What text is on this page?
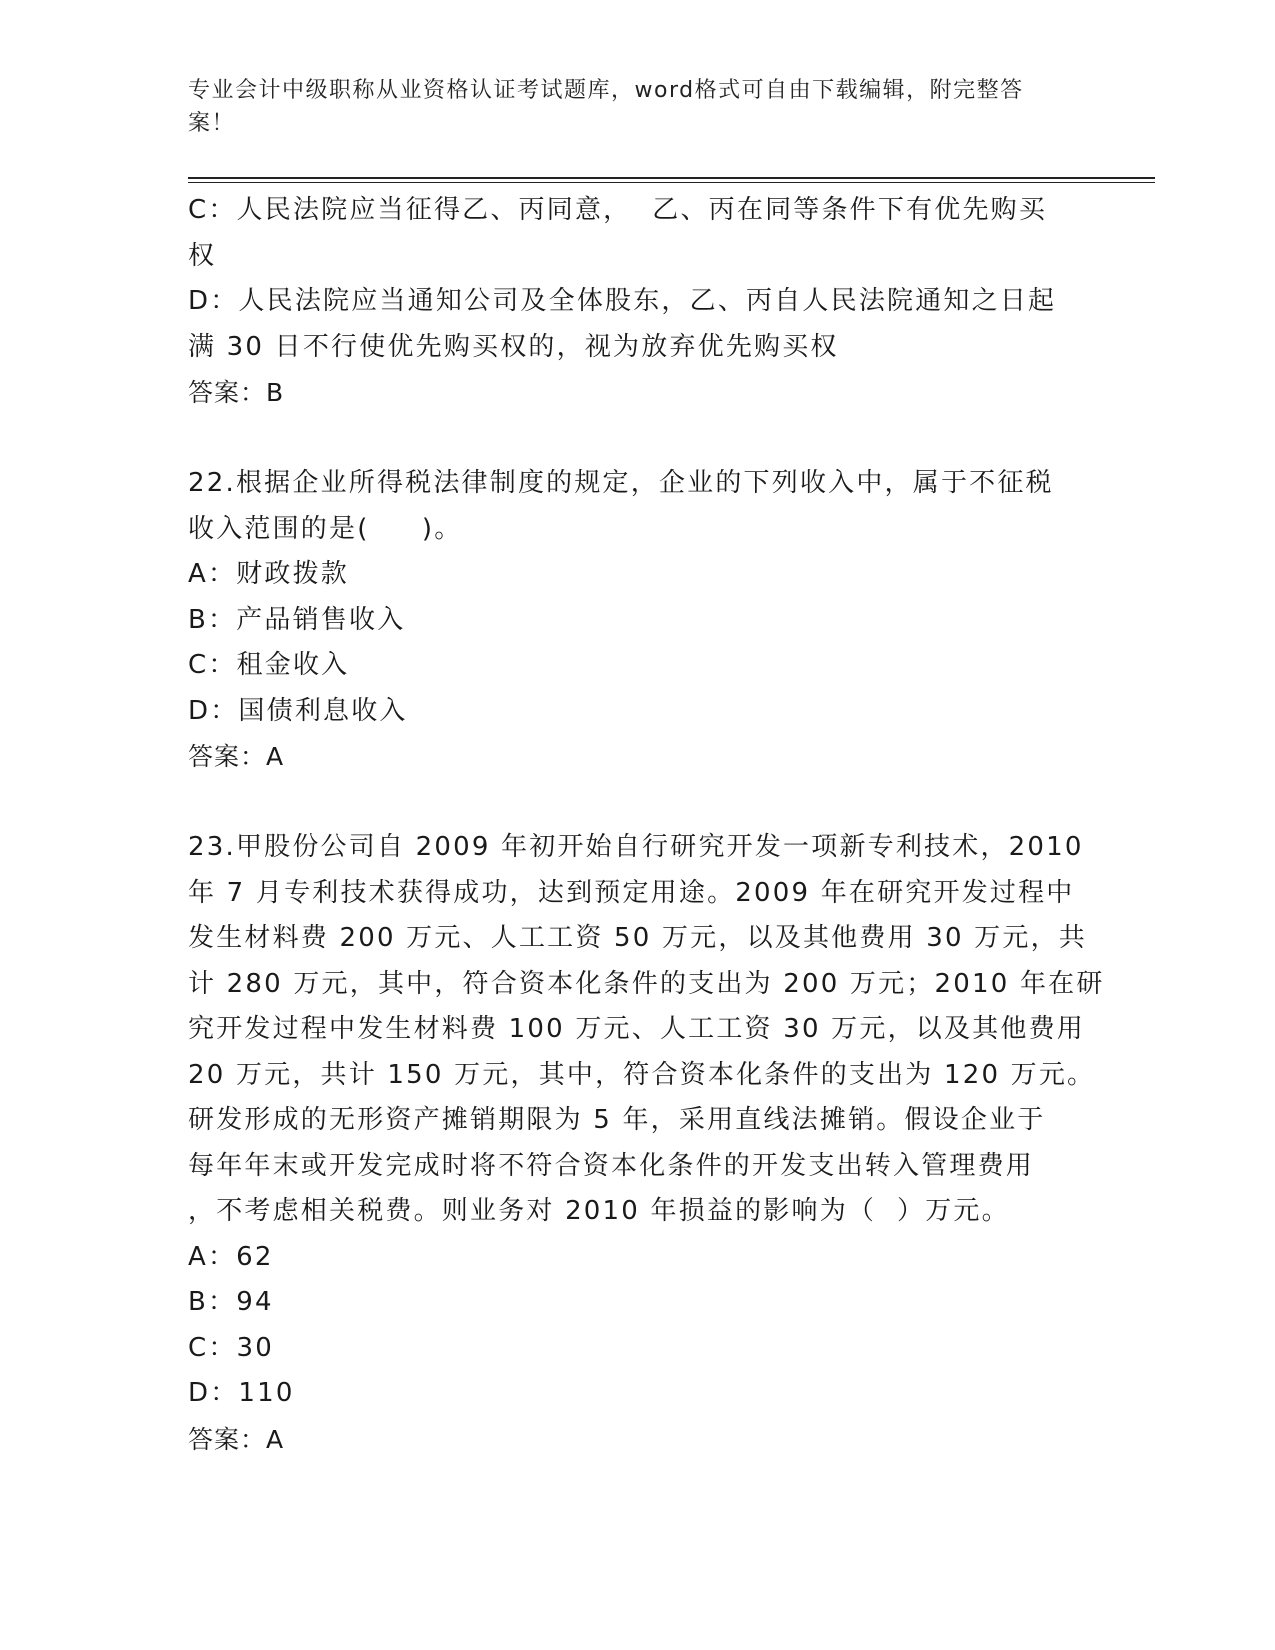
专业会计中级职称从业资格认证考试题库，word格式可自由下载编辑，附完整答
案！
C：人民法院应当征得乙、丙同意，  乙、丙在同等条件下有优先购买
权
D：人民法院应当通知公司及全体股东，乙、丙自人民法院通知之日起
满 30 日不行使优先购买权的，视为放弃优先购买权
答案：B
22.根据企业所得税法律制度的规定，企业的下列收入中，属于不征税
收入范围的是(     )。
A：财政拨款
B：产品销售收入
C：租金收入
D：国债利息收入
答案：A
23.甲股份公司自 2009 年初开始自行研究开发一项新专利技术，2010
年 7 月专利技术获得成功，达到预定用途。2009 年在研究开发过程中
发生材料费 200 万元、人工工资 50 万元，以及其他费用 30 万元，共
计 280 万元，其中，符合资本化条件的支出为 200 万元；2010 年在研
究开发过程中发生材料费 100 万元、人工工资 30 万元，以及其他费用
20 万元，共计 150 万元，其中，符合资本化条件的支出为 120 万元。
研发形成的无形资产摊销期限为 5 年，采用直线法摊销。假设企业于
每年年末或开发完成时将不符合资本化条件的开发支出转入管理费用
，不考虑相关税费。则业务对 2010 年损益的影响为（  ）万元。
A：62
B：94
C：30
D：110
答案：A
